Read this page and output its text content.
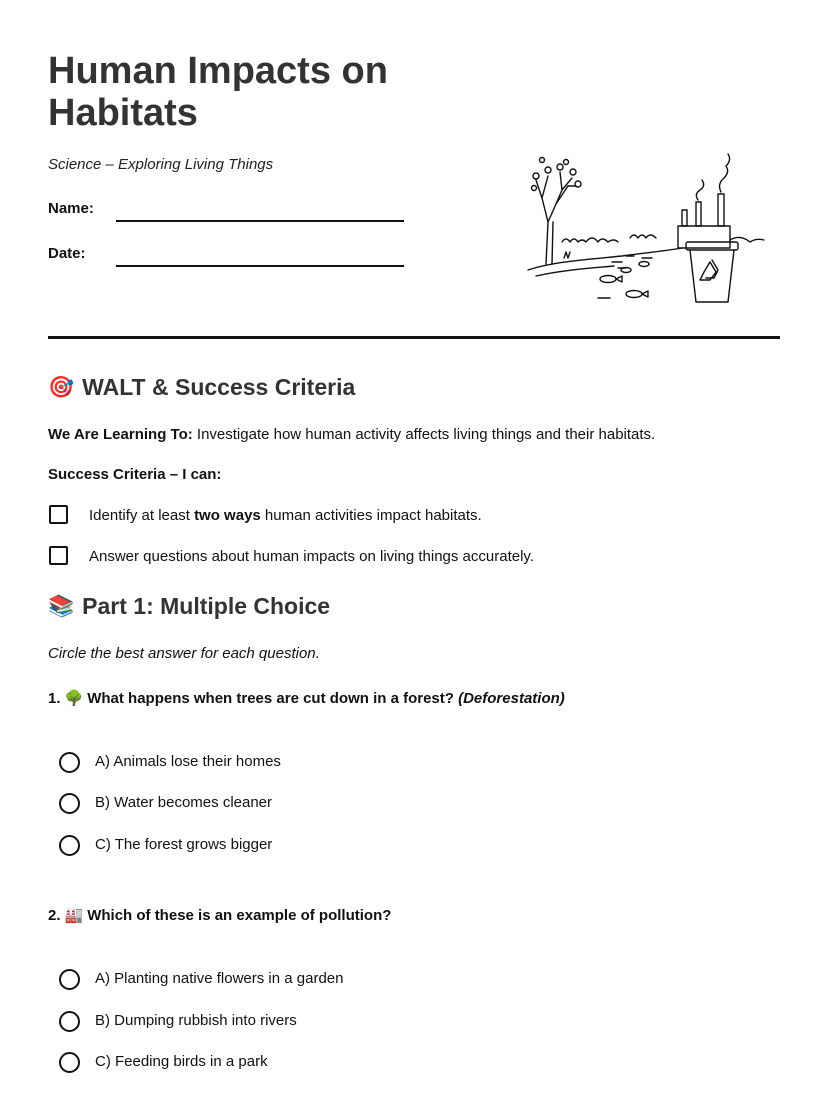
Human Impacts on Habitats
Science – Exploring Living Things
Name:
Date:
🎯 WALT & Success Criteria
We Are Learning To: Investigate how human activity affects living things and their habitats.
Success Criteria – I can:
Identify at least two ways human activities impact habitats.
Answer questions about human impacts on living things accurately.
📚 Part 1: Multiple Choice
Circle the best answer for each question.
1. 🌳 What happens when trees are cut down in a forest?
(Deforestation)
A) Animals lose their homes
B) Water becomes cleaner
C) The forest grows bigger
2. 🏭 Which of these is an example of pollution?
A) Planting native flowers in a garden
B) Dumping rubbish into rivers
C) Feeding birds in a park
